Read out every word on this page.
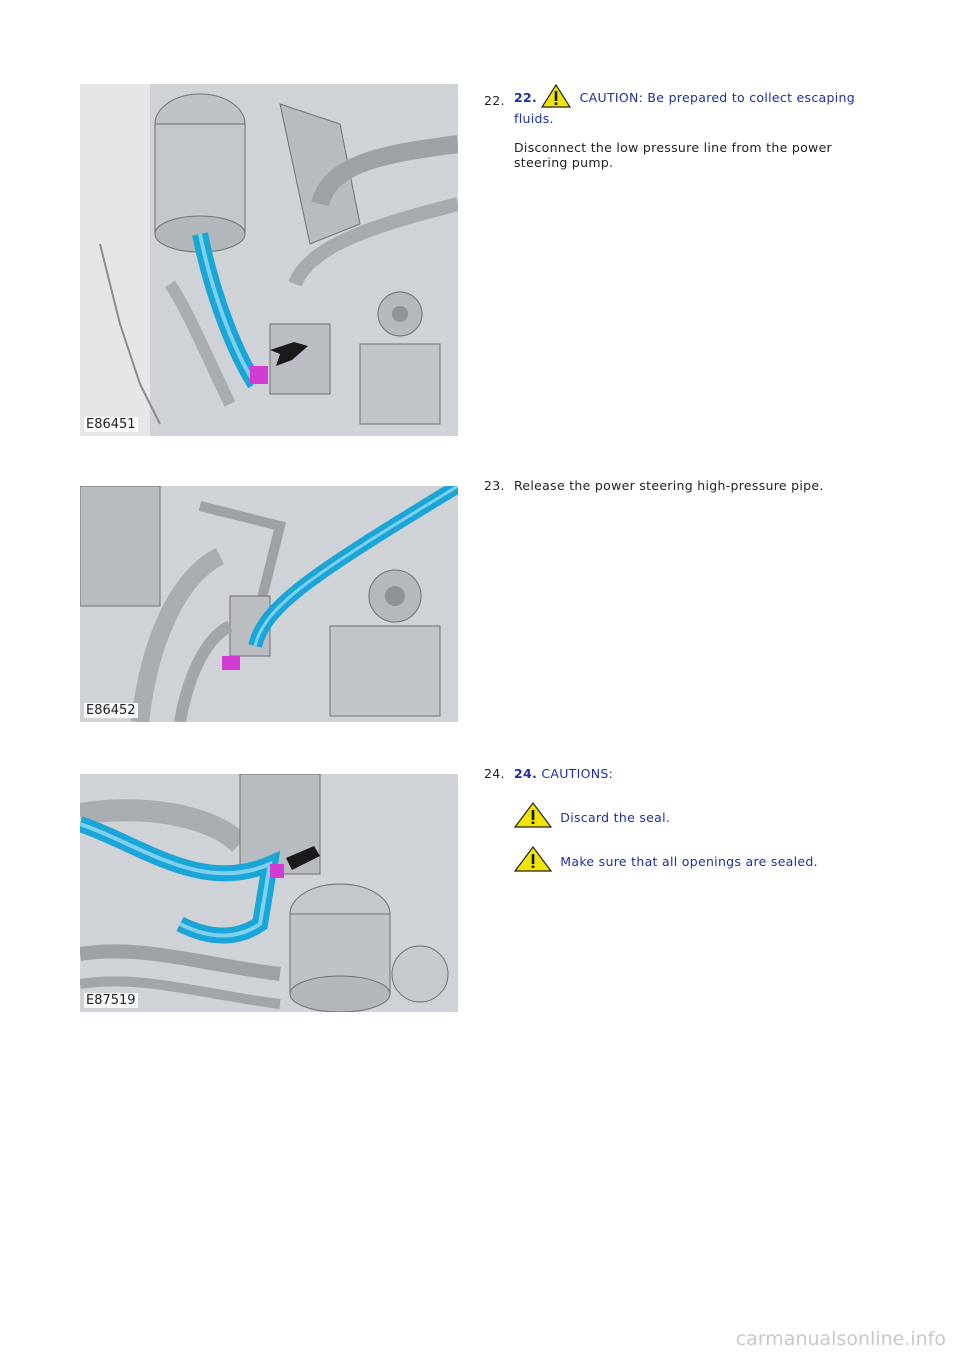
E86451
22. 22.	CAUTION: Be prepared to collect escaping fluids.
Disconnect the low pressure line from the power steering pump.
E86452
23. Release the power steering high-pressure pipe.
E87519
24. 24. CAUTIONS:
Discard the seal.
Make sure that all openings are sealed.
carmanualsonline.info
